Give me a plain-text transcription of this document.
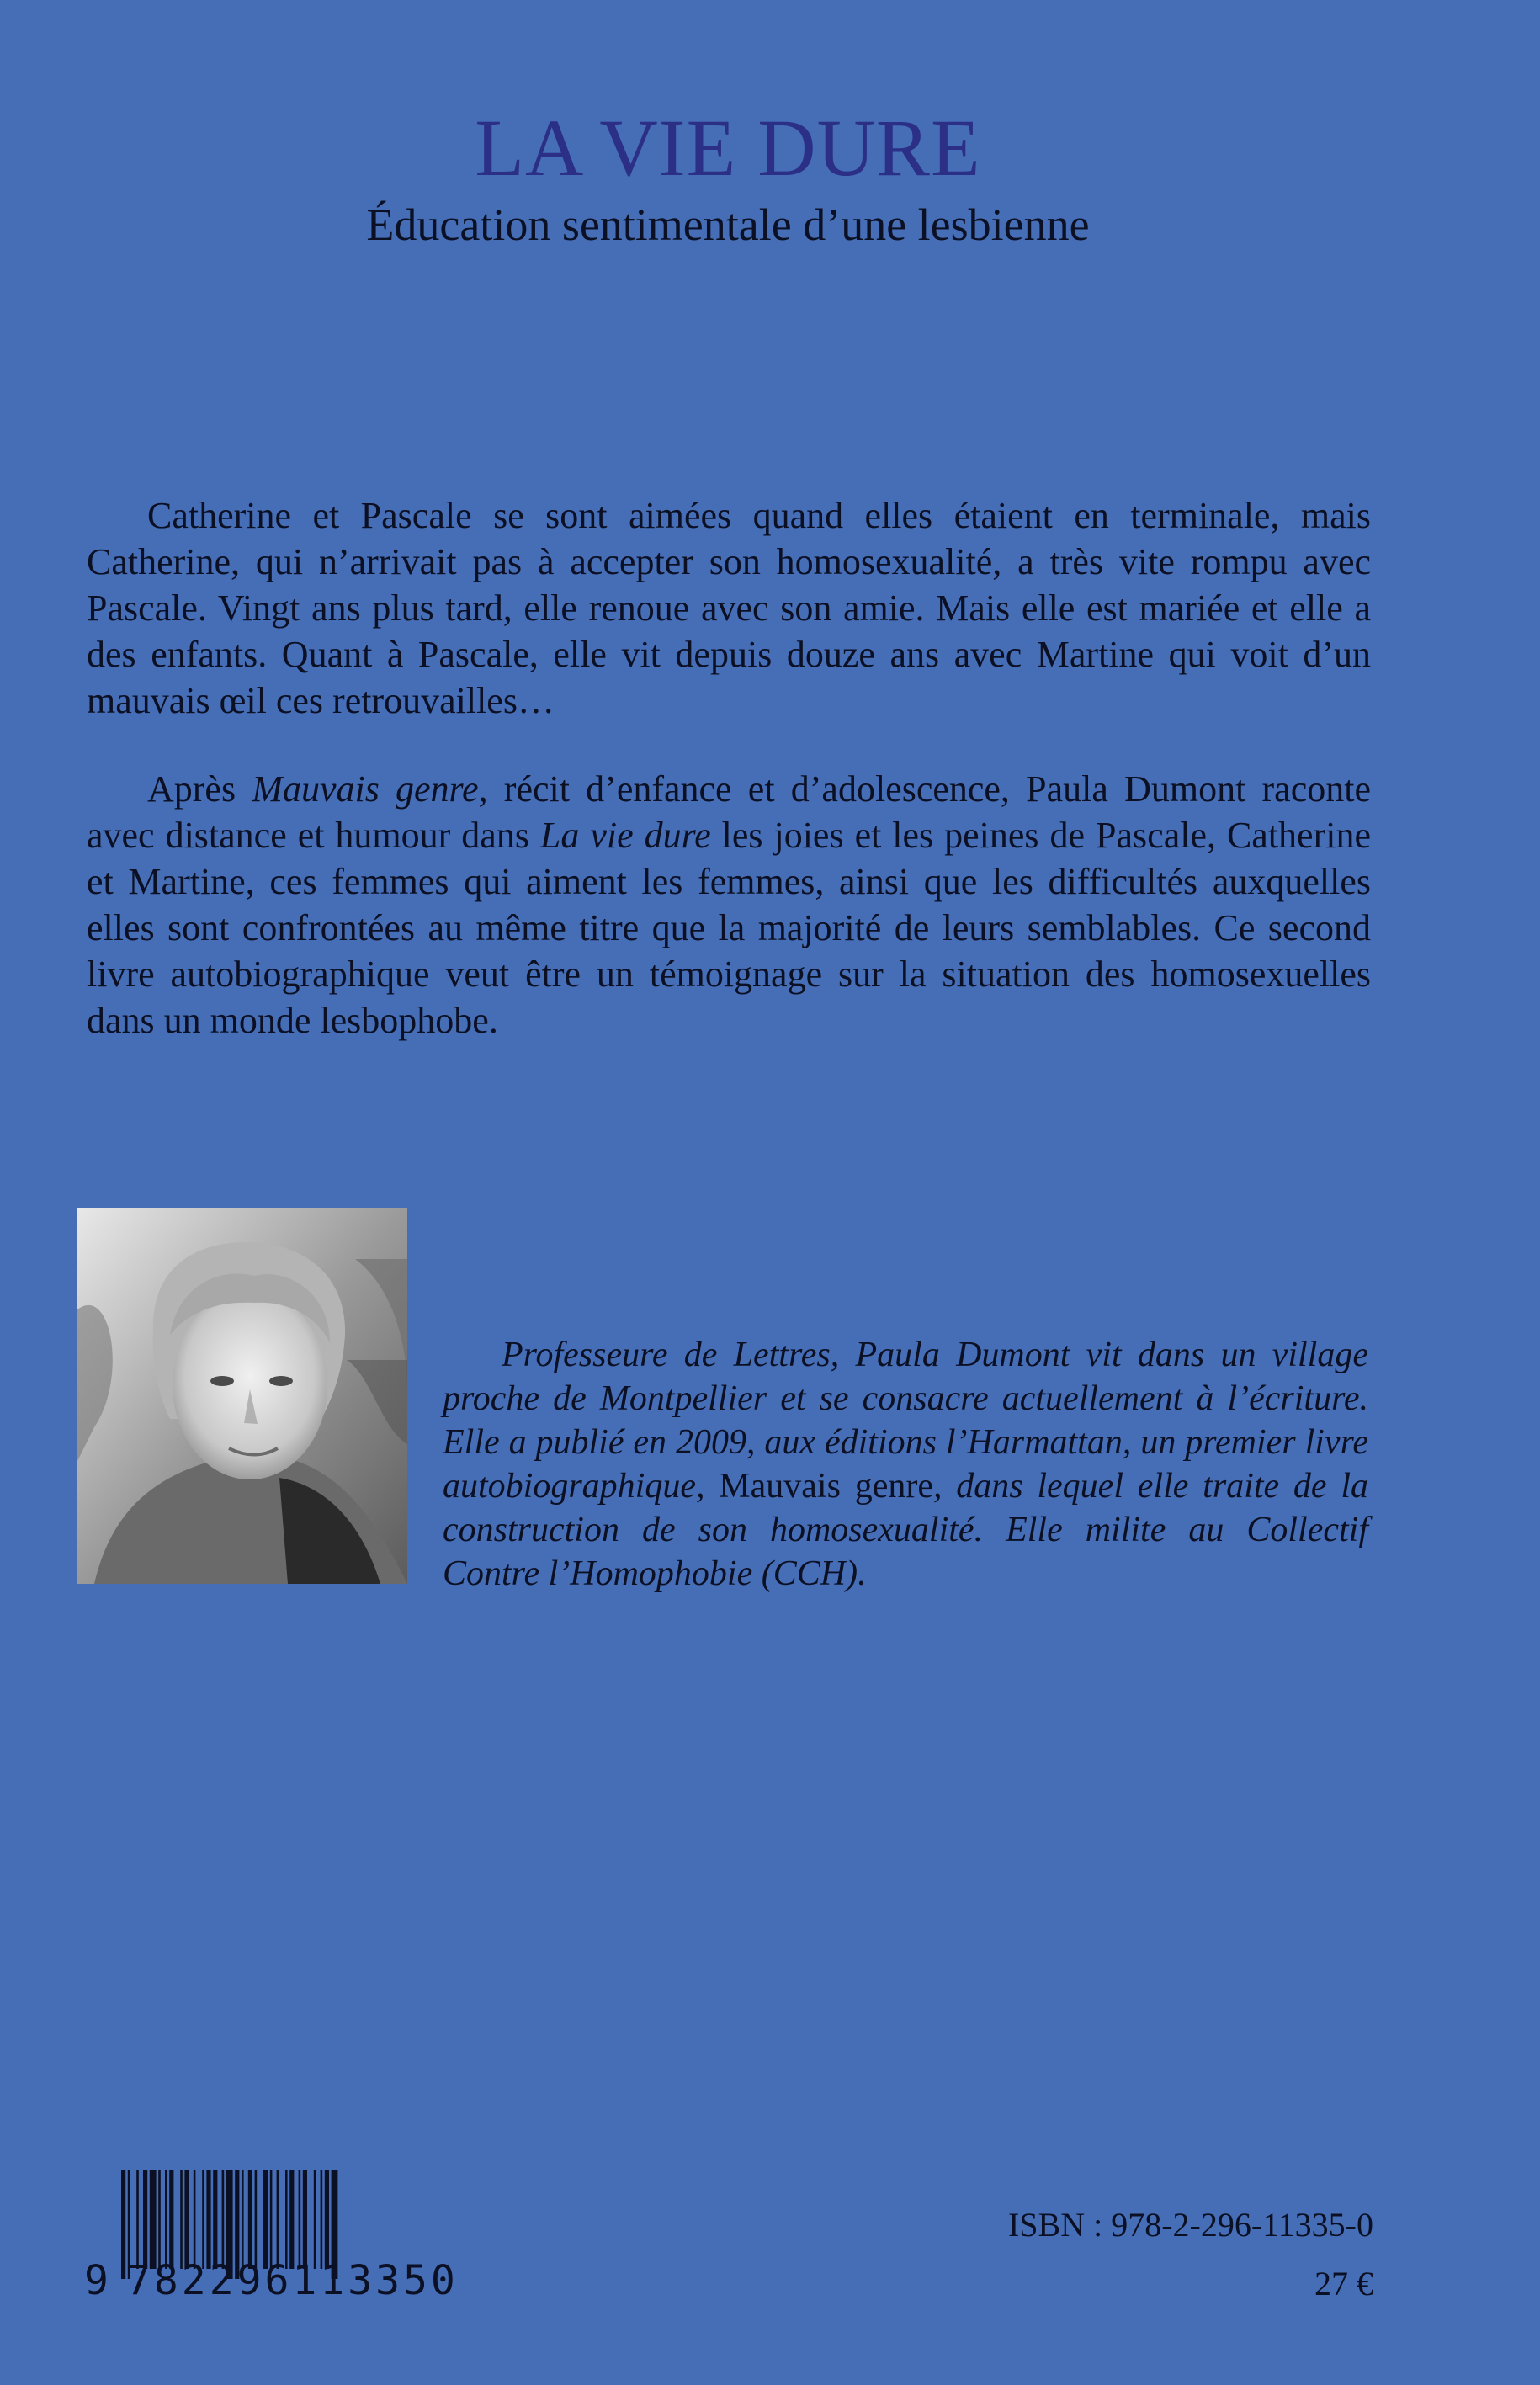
LA VIE DURE
Éducation sentimentale d’une lesbienne

Catherine et Pascale se sont aimées quand elles étaient en terminale, mais Catherine, qui n’arrivait pas à accepter son homosexualité, a très vite rompu avec Pascale. Vingt ans plus tard, elle renoue avec son amie. Mais elle est mariée et elle a des enfants. Quant à Pascale, elle vit depuis douze ans avec Martine qui voit d’un mauvais œil ces retrouvailles…

Après Mauvais genre, récit d’enfance et d’adolescence, Paula Dumont raconte avec distance et humour dans La vie dure les joies et les peines de Pascale, Catherine et Martine, ces femmes qui aiment les femmes, ainsi que les difficultés auxquelles elles sont confrontées au même titre que la majorité de leurs semblables. Ce second livre autobiographique veut être un témoignage sur la situation des homosexuelles dans un monde lesbophobe.

Professeure de Lettres, Paula Dumont vit dans un village proche de Montpellier et se consacre actuellement à l’écriture. Elle a publié en 2009, aux éditions l’Harmattan, un premier livre autobiographique, Mauvais genre, dans lequel elle traite de la construction de son homosexualité. Elle milite au Collectif Contre l’Homophobie (CCH).

9 782296113350
ISBN : 978-2-296-11335-0
27 €
